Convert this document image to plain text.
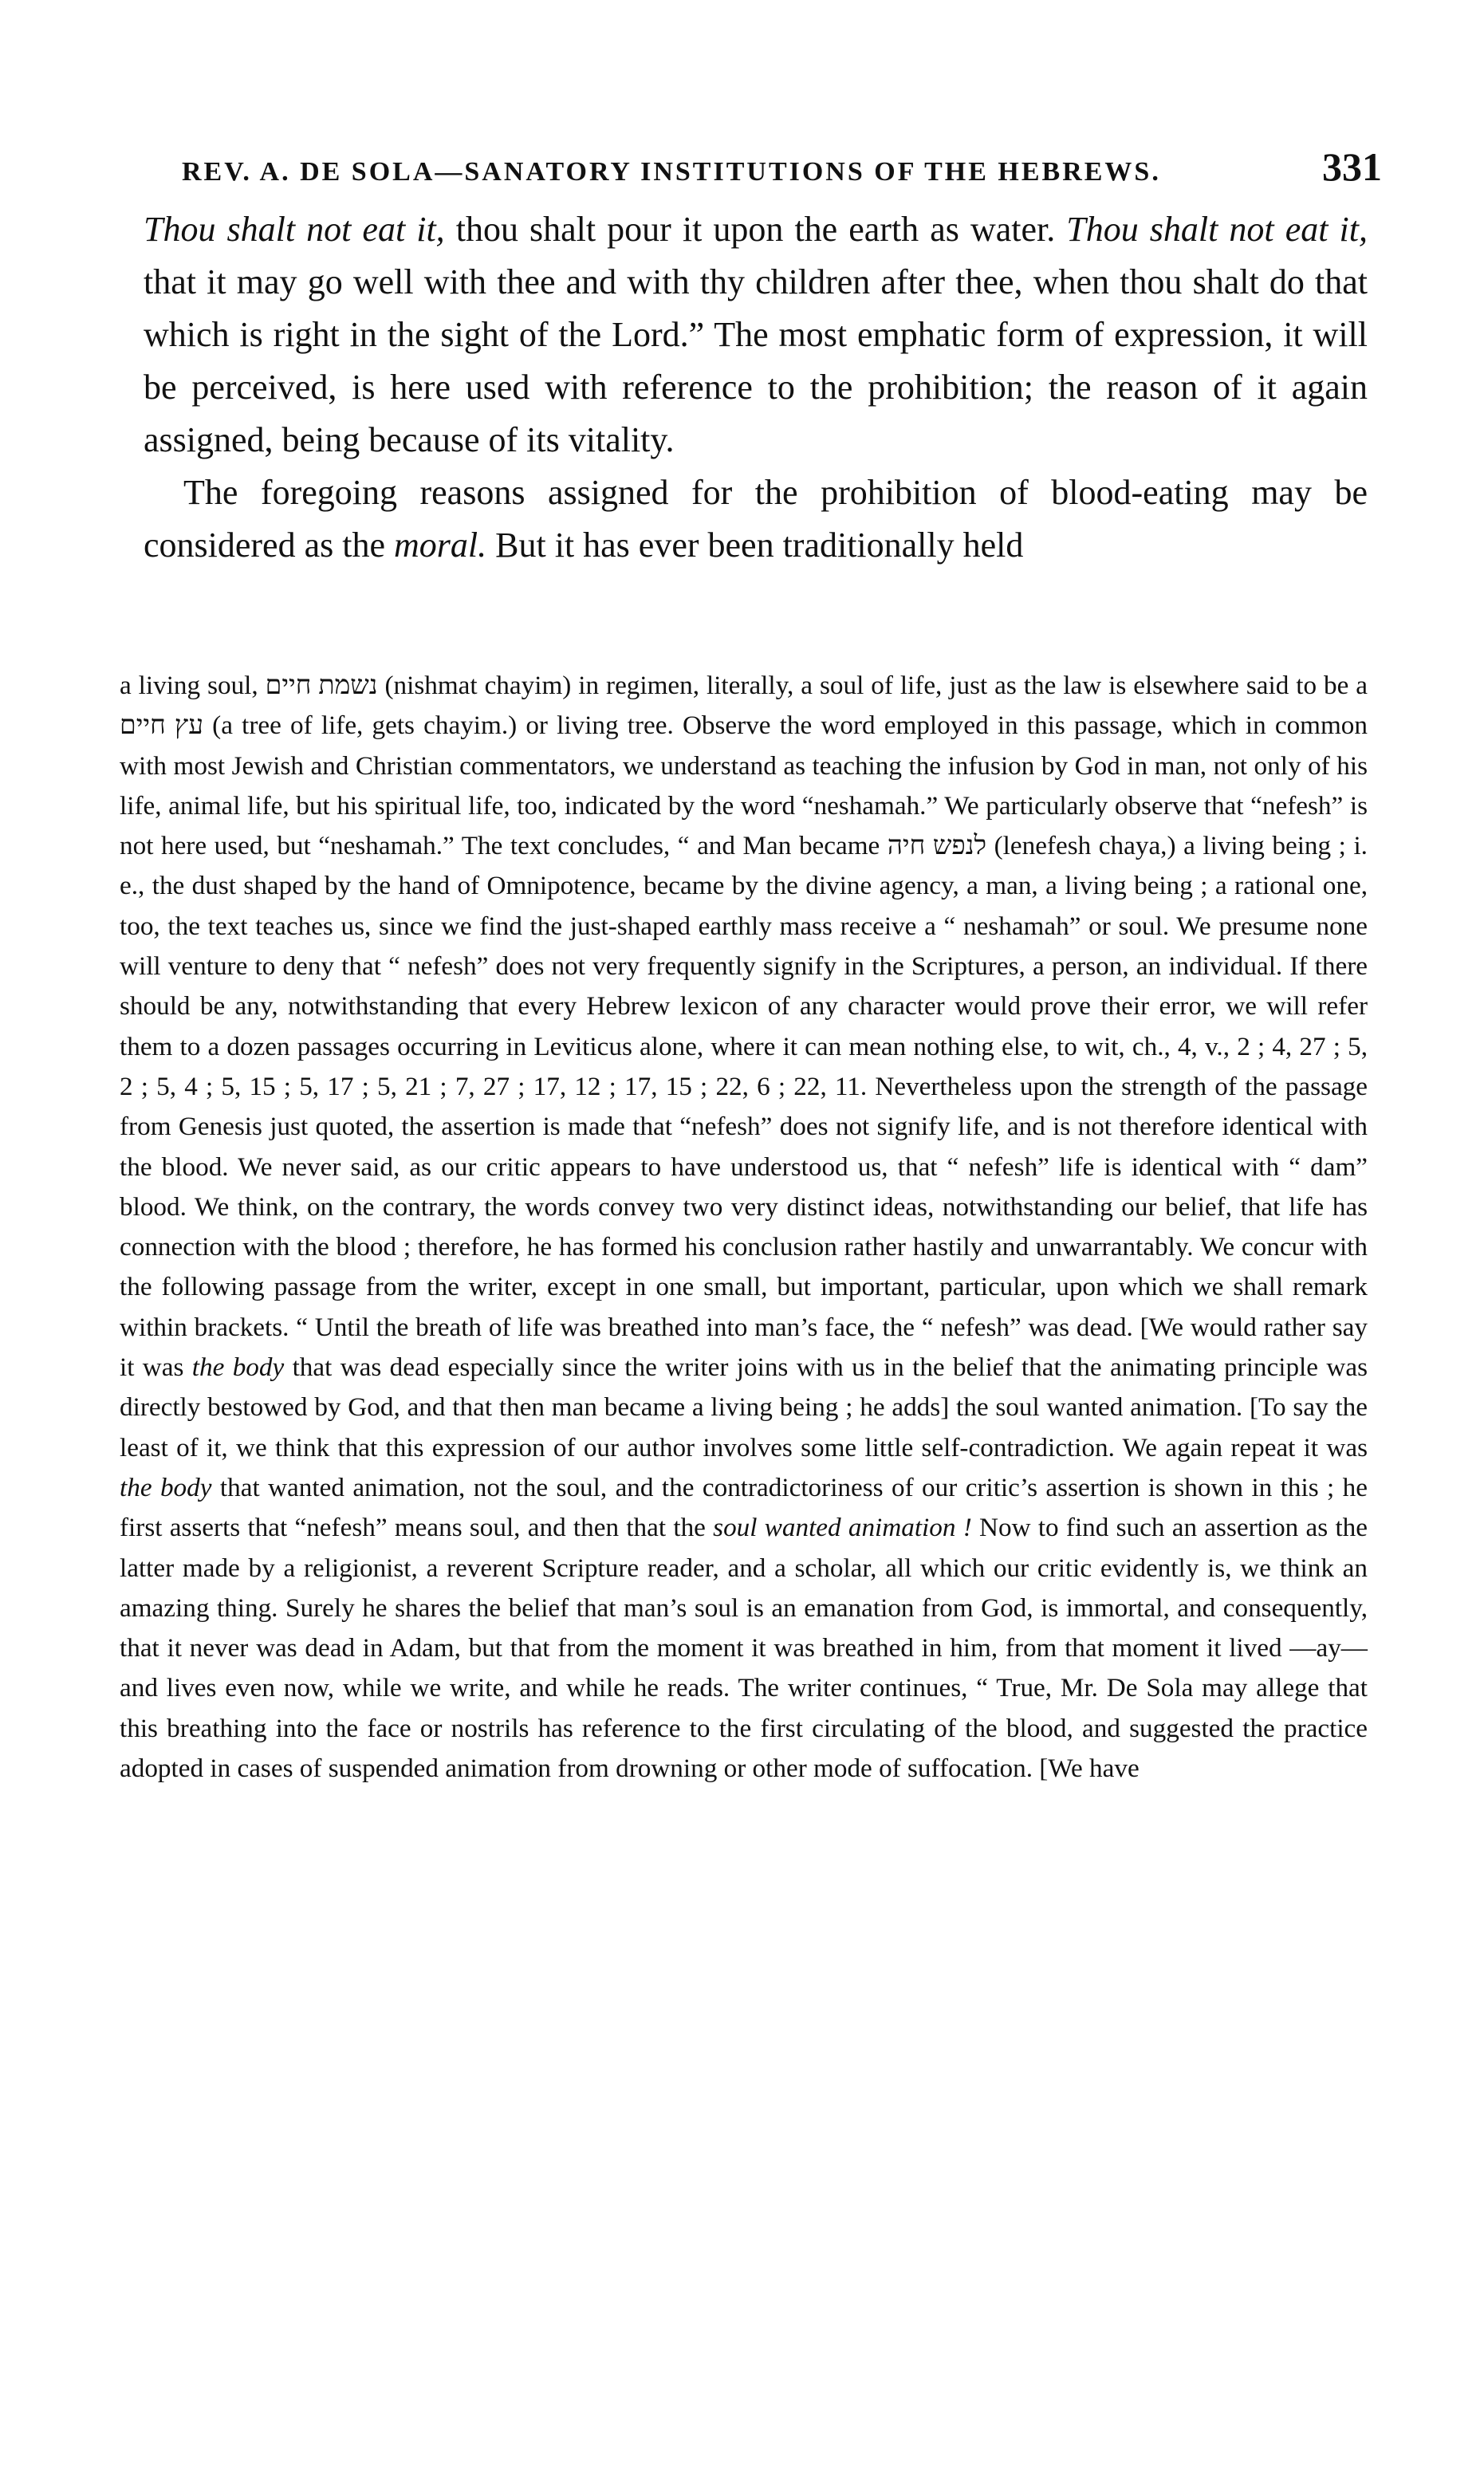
REV. A. DE SOLA—SANATORY INSTITUTIONS OF THE HEBREWS.	331

Thou shalt not eat it, thou shalt pour it upon the earth as water. Thou shalt not eat it, that it may go well with thee and with thy children after thee, when thou shalt do that which is right in the sight of the Lord.” The most emphatic form of expression, it will be perceived, is here used with reference to the prohibition; the reason of it again assigned, being because of its vitality.

The foregoing reasons assigned for the prohibition of blood-eating may be considered as the moral. But it has ever been traditionally held

a living soul, נשמת חיים (nishmat chayim) in regimen, literally, a soul of life, just as the law is elsewhere said to be a עץ חיים (a tree of life, gets chayim.) or living tree. Observe the word employed in this passage, which in common with most Jewish and Christian commentators, we understand as teaching the infusion by God in man, not only of his life, animal life, but his spiritual life, too, indicated by the word “neshamah.” We particularly observe that “nefesh” is not here used, but “neshamah.” The text concludes, “ and Man became לנפש חיה (lenefesh chaya,) a living being ; i. e., the dust shaped by the hand of Omnipotence, became by the divine agency, a man, a living being ; a rational one, too, the text teaches us, since we find the just-shaped earthly mass receive a “ neshamah” or soul. We presume none will venture to deny that “ nefesh” does not very frequently signify in the Scriptures, a person, an individual. If there should be any, notwithstanding that every Hebrew lexicon of any character would prove their error, we will refer them to a dozen passages occurring in Leviticus alone, where it can mean nothing else, to wit, ch., 4, v., 2 ; 4, 27 ; 5, 2 ; 5, 4 ; 5, 15 ; 5, 17 ; 5, 21 ; 7, 27 ; 17, 12 ; 17, 15 ; 22, 6 ; 22, 11. Nevertheless upon the strength of the passage from Genesis just quoted, the assertion is made that “nefesh” does not signify life, and is not therefore identical with the blood. We never said, as our critic appears to have understood us, that “ nefesh” life is identical with “ dam” blood. We think, on the contrary, the words convey two very distinct ideas, notwithstanding our belief, that life has connection with the blood ; therefore, he has formed his conclusion rather hastily and unwarrantably. We concur with the following passage from the writer, except in one small, but important, particular, upon which we shall remark within brackets. “ Until the breath of life was breathed into man’s face, the “ nefesh” was dead. [We would rather say it was the body that was dead especially since the writer joins with us in the belief that the animating principle was directly bestowed by God, and that then man became a living being ; he adds] the soul wanted animation. [To say the least of it, we think that this expression of our author involves some little self-contradiction. We again repeat it was the body that wanted animation, not the soul, and the contradictoriness of our critic’s assertion is shown in this ; he first asserts that “nefesh” means soul, and then that the soul wanted animation ! Now to find such an assertion as the latter made by a religionist, a reverent Scripture reader, and a scholar, all which our critic evidently is, we think an amazing thing. Surely he shares the belief that man’s soul is an emanation from God, is immortal, and consequently, that it never was dead in Adam, but that from the moment it was breathed in him, from that moment it lived —ay—and lives even now, while we write, and while he reads. The writer continues, “ True, Mr. De Sola may allege that this breathing into the face or nostrils has reference to the first circulating of the blood, and suggested the practice adopted in cases of suspended animation from drowning or other mode of suffocation. [We have
